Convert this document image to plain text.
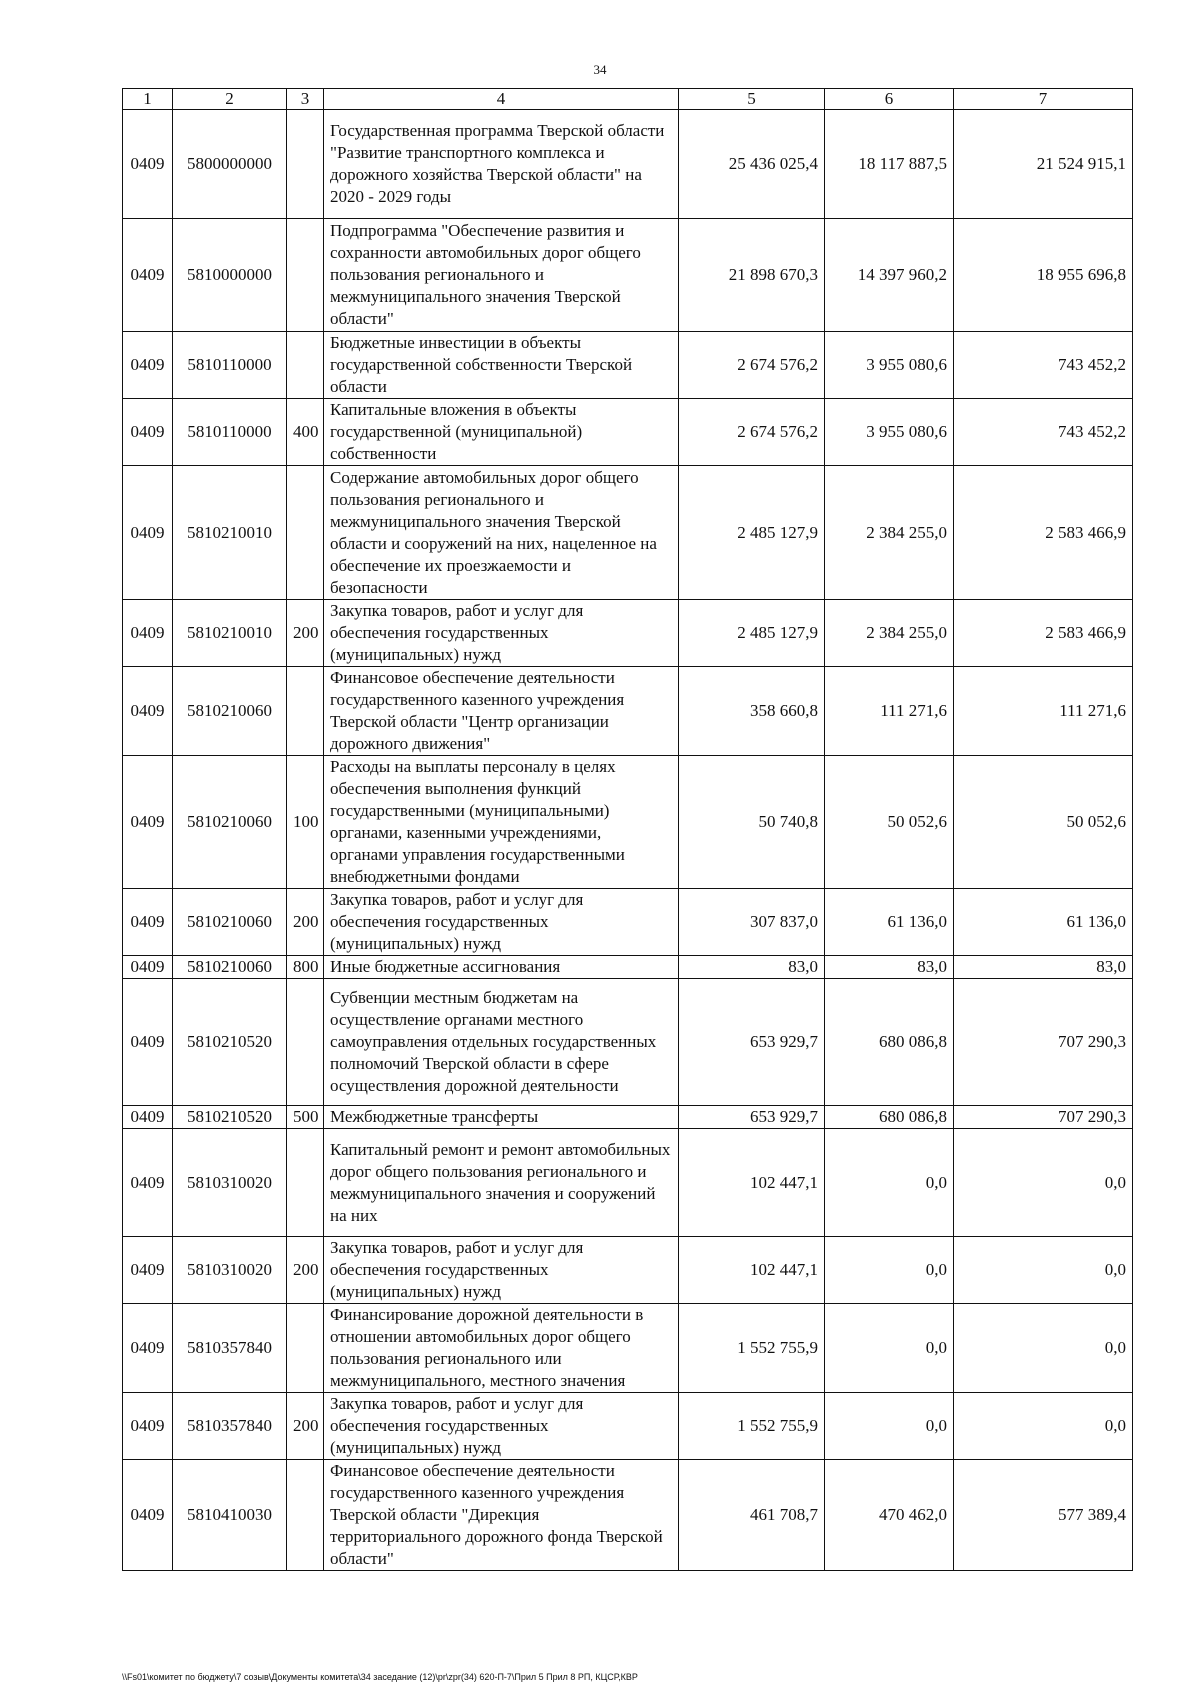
34
1	2	3	4	5	6	7
0409	5800000000		Государственная программа Тверской области "Развитие транспортного комплекса и дорожного хозяйства Тверской области" на 2020 - 2029 годы	25 436 025,4	18 117 887,5	21 524 915,1
0409	5810000000		Подпрограмма "Обеспечение развития и сохранности автомобильных дорог общего пользования регионального и межмуниципального значения Тверской области"	21 898 670,3	14 397 960,2	18 955 696,8
0409	5810110000		Бюджетные инвестиции в объекты государственной собственности Тверской области	2 674 576,2	3 955 080,6	743 452,2
0409	5810110000	400	Капитальные вложения в объекты государственной (муниципальной) собственности	2 674 576,2	3 955 080,6	743 452,2
0409	5810210010		Содержание автомобильных дорог общего пользования регионального и межмуниципального значения Тверской области и сооружений на них, нацеленное на обеспечение их проезжаемости и безопасности	2 485 127,9	2 384 255,0	2 583 466,9
0409	5810210010	200	Закупка товаров, работ и услуг для обеспечения государственных (муниципальных) нужд	2 485 127,9	2 384 255,0	2 583 466,9
0409	5810210060		Финансовое обеспечение деятельности государственного казенного учреждения Тверской области "Центр организации дорожного движения"	358 660,8	111 271,6	111 271,6
0409	5810210060	100	Расходы на выплаты персоналу в целях обеспечения выполнения функций государственными (муниципальными) органами, казенными учреждениями, органами управления государственными внебюджетными фондами	50 740,8	50 052,6	50 052,6
0409	5810210060	200	Закупка товаров, работ и услуг для обеспечения государственных (муниципальных) нужд	307 837,0	61 136,0	61 136,0
0409	5810210060	800	Иные бюджетные ассигнования	83,0	83,0	83,0
0409	5810210520		Субвенции местным бюджетам на осуществление органами местного самоуправления отдельных государственных полномочий Тверской области в сфере осуществления дорожной деятельности	653 929,7	680 086,8	707 290,3
0409	5810210520	500	Межбюджетные трансферты	653 929,7	680 086,8	707 290,3
0409	5810310020		Капитальный ремонт и ремонт автомобильных дорог общего пользования регионального и межмуниципального значения и сооружений на них	102 447,1	0,0	0,0
0409	5810310020	200	Закупка товаров, работ и услуг для обеспечения государственных (муниципальных) нужд	102 447,1	0,0	0,0
0409	5810357840		Финансирование дорожной деятельности в отношении автомобильных дорог общего пользования регионального или межмуниципального, местного значения	1 552 755,9	0,0	0,0
0409	5810357840	200	Закупка товаров, работ и услуг для обеспечения государственных (муниципальных) нужд	1 552 755,9	0,0	0,0
0409	5810410030		Финансовое обеспечение деятельности государственного казенного учреждения Тверской области "Дирекция территориального дорожного фонда Тверской области"	461 708,7	470 462,0	577 389,4
\\Fs01\комитет по бюджету\7 созыв\Документы комитета\34 заседание (12)\pr\zpr(34) 620-П-7\Прил 5 Прил 8 РП, КЦСР,КВР
